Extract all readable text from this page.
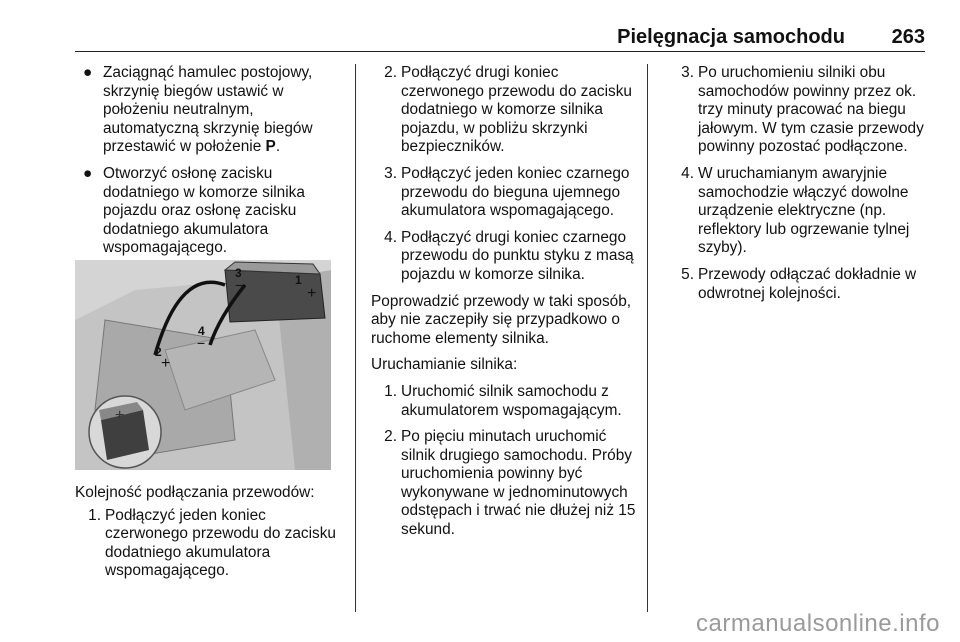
Pielęgnacja samochodu 263
● Zaciągnąć hamulec postojowy, skrzynię biegów ustawić w położeniu neutralnym, automatyczną skrzynię biegów przestawić w położenie P.
● Otworzyć osłonę zacisku dodatniego w komorze silnika pojazdu oraz osłonę zacisku dodatniego akumulatora wspomagającego.
+
3	1
2
4
+
−
−
+
Kolejność podłączania przewodów:
1. Podłączyć jeden koniec czerwonego przewodu do zacisku dodatniego akumulatora wspomagającego.
2. Podłączyć drugi koniec czerwonego przewodu do zacisku dodatniego w komorze silnika pojazdu, w pobliżu skrzynki bezpieczników.
3. Podłączyć jeden koniec czarnego przewodu do bieguna ujemnego akumulatora wspomagającego.
4. Podłączyć drugi koniec czarnego przewodu do punktu styku z masą pojazdu w komorze silnika.
Poprowadzić przewody w taki sposób, aby nie zaczepiły się przypadkowo o ruchome elementy silnika.
Uruchamianie silnika:
1. Uruchomić silnik samochodu z akumulatorem wspomagającym.
2. Po pięciu minutach uruchomić silnik drugiego samochodu. Próby uruchomienia powinny być wykonywane w jednominutowych odstępach i trwać nie dłużej niż 15 sekund.
3. Po uruchomieniu silniki obu samochodów powinny przez ok. trzy minuty pracować na biegu jałowym. W tym czasie przewody powinny pozostać podłączone.
4. W uruchamianym awaryjnie samochodzie włączyć dowolne urządzenie elektryczne (np. reflektory lub ogrzewanie tylnej szyby).
5. Przewody odłączać dokładnie w odwrotnej kolejności.
carmanualsonline.info
